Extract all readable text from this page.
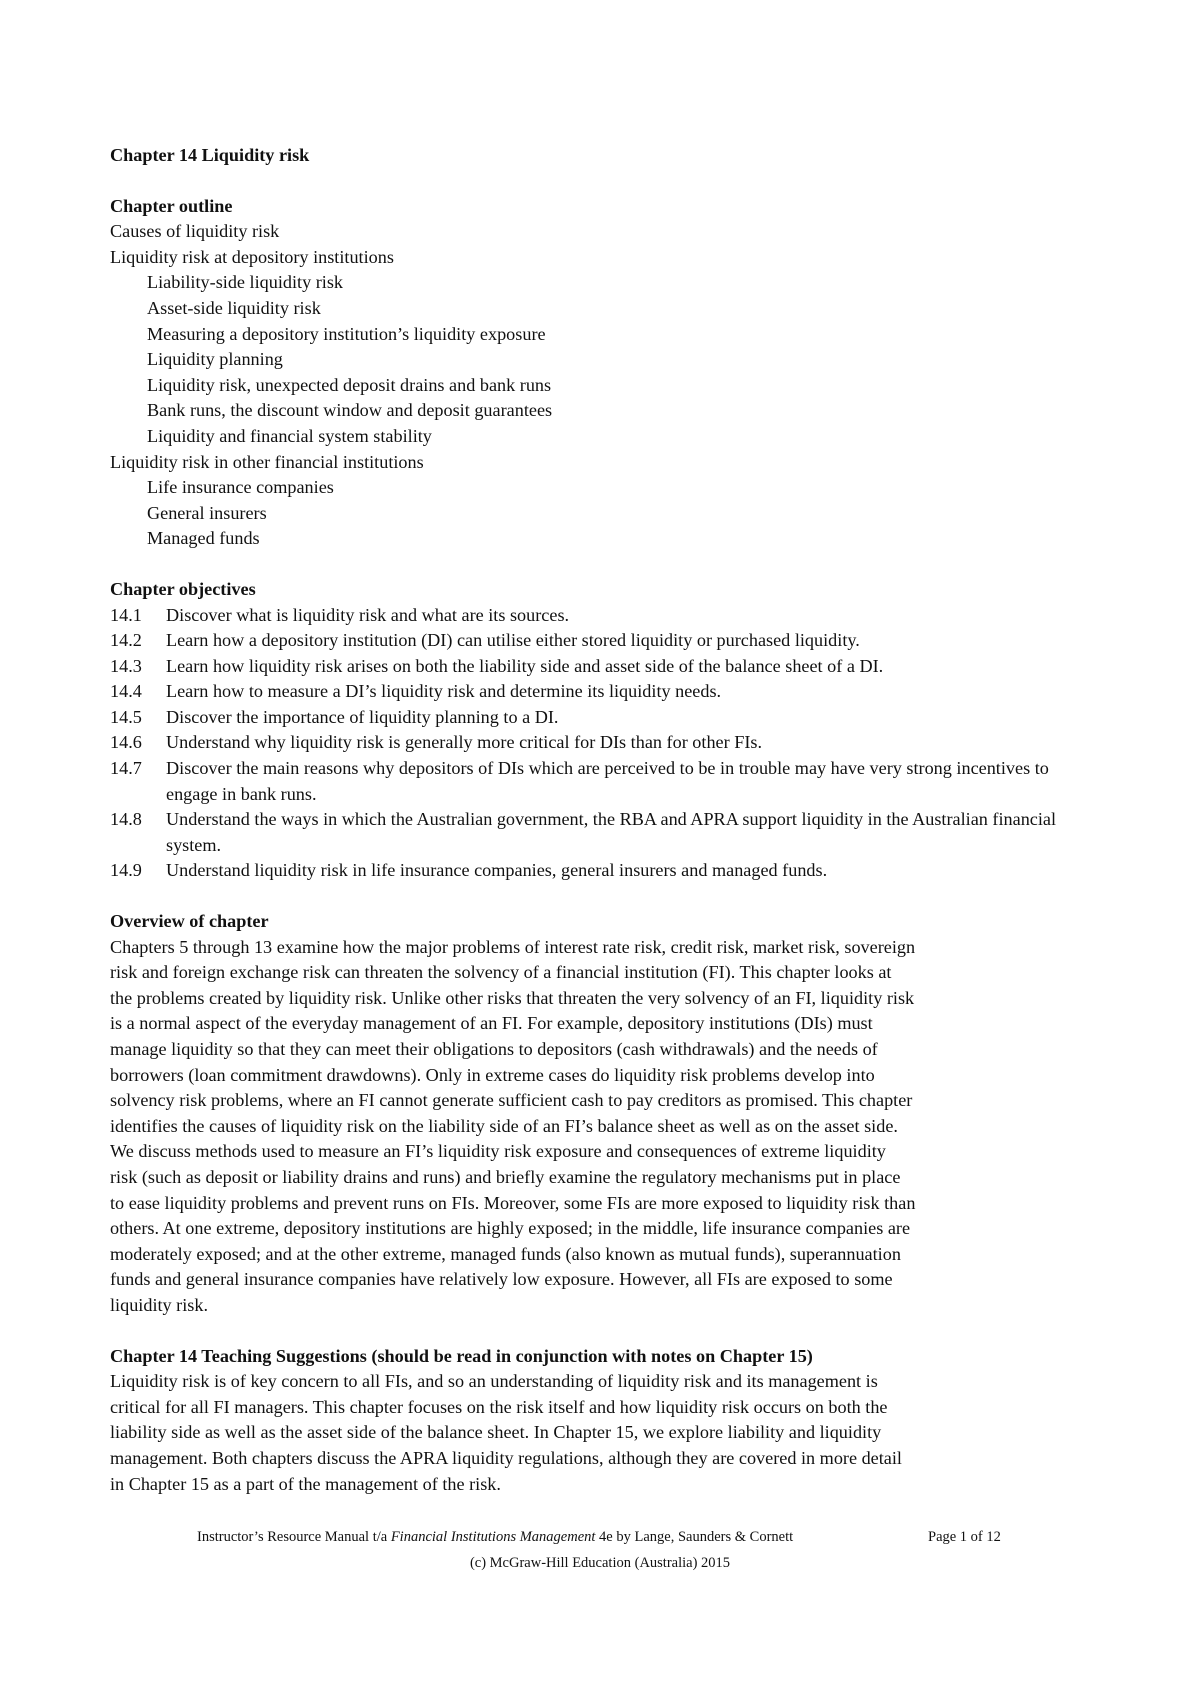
Chapter 14 Liquidity risk

Chapter outline

Causes of liquidity risk

Liquidity risk at depository institutions

Liability-side liquidity risk

Asset-side liquidity risk

Measuring a depository institution’s liquidity exposure

Liquidity planning

Liquidity risk, unexpected deposit drains and bank runs

Bank runs, the discount window and deposit guarantees

Liquidity and financial system stability

Liquidity risk in other financial institutions

Life insurance companies

General insurers

Managed funds

Chapter objectives

14.1	Discover what is liquidity risk and what are its sources.
14.2	Learn how a depository institution (DI) can utilise either stored liquidity or purchased liquidity.
14.3	Learn how liquidity risk arises on both the liability side and asset side of the balance sheet of a DI.
14.4	Learn how to measure a DI’s liquidity risk and determine its liquidity needs.
14.5	Discover the importance of liquidity planning to a DI.
14.6	Understand why liquidity risk is generally more critical for DIs than for other FIs.
14.7	Discover the main reasons why depositors of DIs which are perceived to be in trouble may have very strong incentives to engage in bank runs.
14.8	Understand the ways in which the Australian government, the RBA and APRA support liquidity in the Australian financial system.
14.9	Understand liquidity risk in life insurance companies, general insurers and managed funds.

Overview of chapter

Chapters 5 through 13 examine how the major problems of interest rate risk, credit risk, market risk, sovereign

risk and foreign exchange risk can threaten the solvency of a financial institution (FI). This chapter looks at

the problems created by liquidity risk. Unlike other risks that threaten the very solvency of an FI, liquidity risk

is a normal aspect of the everyday management of an FI. For example, depository institutions (DIs) must

manage liquidity so that they can meet their obligations to depositors (cash withdrawals) and the needs of

borrowers (loan commitment drawdowns). Only in extreme cases do liquidity risk problems develop into

solvency risk problems, where an FI cannot generate sufficient cash to pay creditors as promised. This chapter

identifies the causes of liquidity risk on the liability side of an FI’s balance sheet as well as on the asset side.

We discuss methods used to measure an FI’s liquidity risk exposure and consequences of extreme liquidity

risk (such as deposit or liability drains and runs) and briefly examine the regulatory mechanisms put in place

to ease liquidity problems and prevent runs on FIs. Moreover, some FIs are more exposed to liquidity risk than

others. At one extreme, depository institutions are highly exposed; in the middle, life insurance companies are

moderately exposed; and at the other extreme, managed funds (also known as mutual funds), superannuation

funds and general insurance companies have relatively low exposure. However, all FIs are exposed to some

liquidity risk.

Chapter 14 Teaching Suggestions (should be read in conjunction with notes on Chapter 15)

Liquidity risk is of key concern to all FIs, and so an understanding of liquidity risk and its management is

critical for all FI managers. This chapter focuses on the risk itself and how liquidity risk occurs on both the

liability side as well as the asset side of the balance sheet. In Chapter 15, we explore liability and liquidity

management. Both chapters discuss the APRA liquidity regulations, although they are covered in more detail

in Chapter 15 as a part of the management of the risk.

Instructor’s Resource Manual t/a Financial Institutions Management 4e by Lange, Saunders & Cornett	Page 1 of 12
(c) McGraw-Hill Education (Australia) 2015
